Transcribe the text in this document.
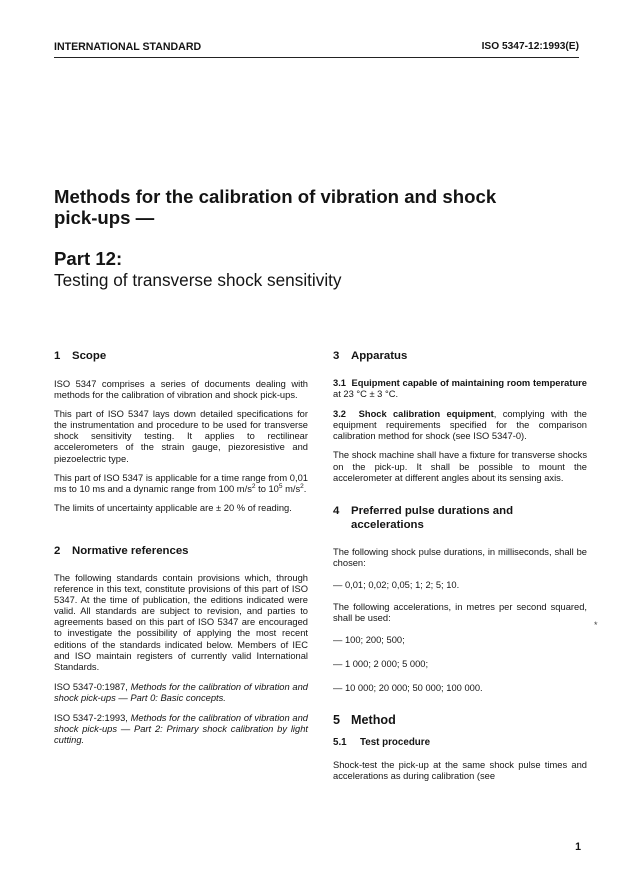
INTERNATIONAL STANDARD	ISO 5347-12:1993(E)
Methods for the calibration of vibration and shock pick-ups —
Part 12:
Testing of transverse shock sensitivity
1 Scope

ISO 5347 comprises a series of documents dealing with methods for the calibration of vibration and shock pick-ups.

This part of ISO 5347 lays down detailed specifications for the instrumentation and procedure to be used for transverse shock sensitivity testing. It applies to rectilinear accelerometers of the strain gauge, piezoresistive and piezoelectric type.

This part of ISO 5347 is applicable for a time range from 0,01 ms to 10 ms and a dynamic range from 100 $m/s^2$ to $10^5$ $m/s^2$.

The limits of uncertainty applicable are ± 20 % of reading.

2 Normative references

The following standards contain provisions which, through reference in this text, constitute provisions of this part of ISO 5347. At the time of publication, the editions indicated were valid. All standards are subject to revision, and parties to agreements based on this part of ISO 5347 are encouraged to investigate the possibility of applying the most recent editions of the standards indicated below. Members of IEC and ISO maintain registers of currently valid International Standards.

ISO 5347-0:1987, Methods for the calibration of vibration and shock pick-ups — Part 0: Basic concepts.

ISO 5347-2:1993, Methods for the calibration of vibration and shock pick-ups — Part 2: Primary shock calibration by light cutting.

3 Apparatus

3.1 Equipment capable of maintaining room temperature at 23 °C ± 3 °C.

3.2 Shock calibration equipment, complying with the equipment requirements specified for the comparison calibration method for shock (see ISO 5347-0).

The shock machine shall have a fixture for transverse shocks on the pick-up. It shall be possible to mount the accelerometer at different angles about its sensing axis.

4	Preferred pulse durations and accelerations

The following shock pulse durations, in milliseconds, shall be chosen:

— 0,01; 0,02; 0,05; 1; 2; 5; 10.

The following accelerations, in metres per second squared, shall be used:

— 100; 200; 500;

— 1 000; 2 000; 5 000;

— 10 000; 20 000; 50 000; 100 000.

5 Method
5.1 Test procedure

Shock-test the pick-up at the same shock pulse times and accelerations as during calibration (see

*
1
